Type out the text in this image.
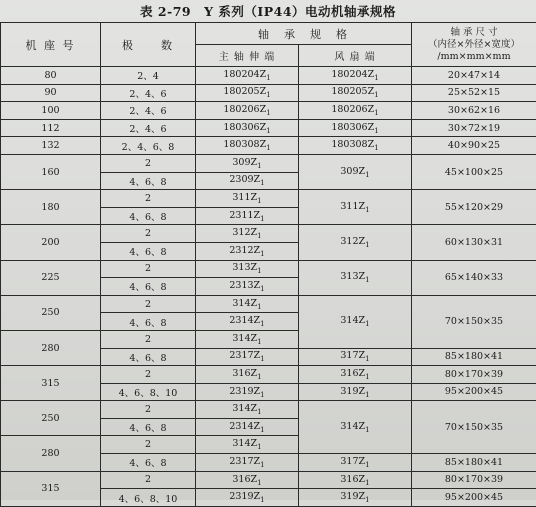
表 2-79　Y 系列（IP44）电动机轴承规格
机 座 号	极　　数	轴　承　规　格		轴 承 尺 寸
（内径×外径×宽度）
/mm×mm×mm

		主 轴 伸 端	风 扇 端	
80	2、4	$180204Z_1$	$180204Z_1$	20×47×14
90	2、4、6	$180205Z_1$	$180205Z_1$	25×52×15
100	2、4、6	$180206Z_1$	$180206Z_1$	30×62×16
112	2、4、6	$180306Z_1$	$180306Z_1$	30×72×19
132	2、4、6、8	$180308Z_1$	$180308Z_1$	40×90×25
160	2	$309Z_1$	$309Z_1$	45×100×25
	4、6、8	$2309Z_1$
180	2	$311Z_1$	$311Z_1$	55×120×29
	4、6、8	$2311Z_1$
200	2	$312Z_1$	$312Z_1$	60×130×31
	4、6、8	$2312Z_1$
225	2	$313Z_1$	$313Z_1$	65×140×33
	4、6、8	$2313Z_1$
250	2	$314Z_1$	$314Z_1$	70×150×35
	4、6、8	$2314Z_1$
280	2	$314Z_1$
	4、6、8	$2317Z_1$	$317Z_1$	85×180×41
315	2	$316Z_1$	$316Z_1$	80×170×39
	4、6、8、10	$2319Z_1$	$319Z_1$	95×200×45
250	2	$314Z_1$	$314Z_1$	70×150×35
	4、6、8	$2314Z_1$
280	2	$314Z_1$
	4、6、8	$2317Z_1$	$317Z_1$	85×180×41
315	2	$316Z_1$	$316Z_1$	80×170×39
	4、6、8、10	$2319Z_1$	$319Z_1$	95×200×45
